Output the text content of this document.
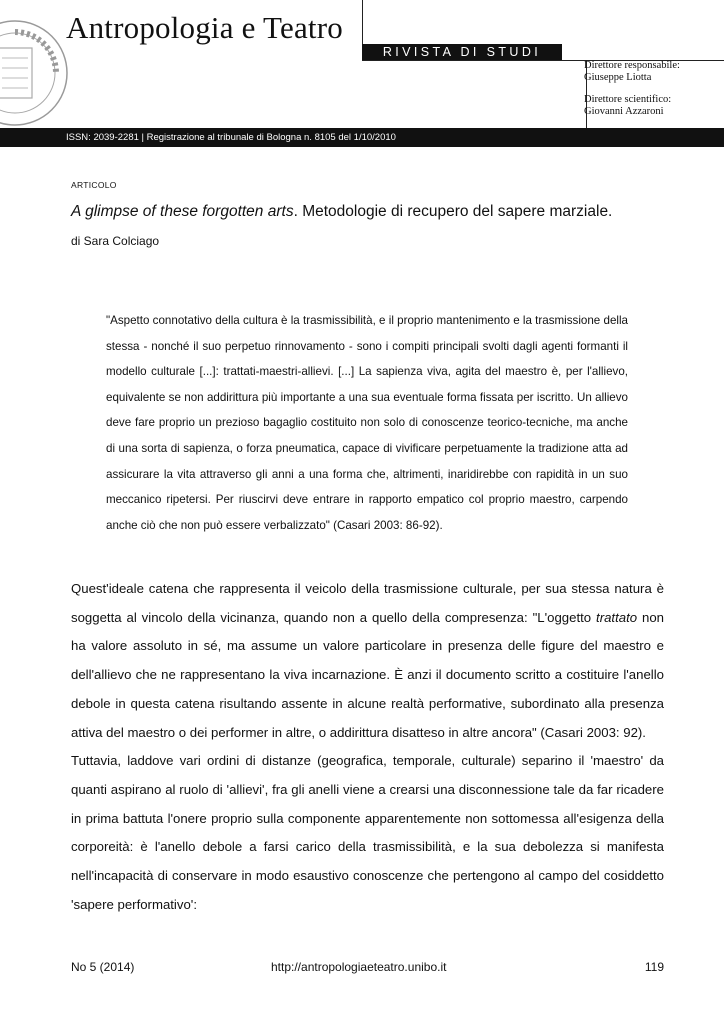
Antropologia e Teatro
RIVISTA DI STUDI
Direttore responsabile:
Giuseppe Liotta
Direttore scientifico:
Giovanni Azzaroni
ISSN: 2039-2281 | Registrazione al tribunale di Bologna n. 8105 del 1/10/2010
ARTICOLO
A glimpse of these forgotten arts. Metodologie di recupero del sapere marziale.
di Sara Colciago
"Aspetto connotativo della cultura è la trasmissibilità, e il proprio mantenimento e la trasmissione della stessa - nonché il suo perpetuo rinnovamento - sono i compiti principali svolti dagli agenti formanti il modello culturale [...]: trattati-maestri-allievi. [...] La sapienza viva, agita del maestro è, per l'allievo, equivalente se non addirittura più importante a una sua eventuale forma fissata per iscritto. Un allievo deve fare proprio un prezioso bagaglio costituito non solo di conoscenze teorico-tecniche, ma anche di una sorta di sapienza, o forza pneumatica, capace di vivificare perpetuamente la tradizione atta ad assicurare la vita attraverso gli anni a una forma che, altrimenti, inaridirebbe con rapidità in un suo meccanico ripetersi. Per riuscirvi deve entrare in rapporto empatico col proprio maestro, carpendo anche ciò che non può essere verbalizzato" (Casari 2003: 86-92).

Quest'ideale catena che rappresenta il veicolo della trasmissione culturale, per sua stessa natura è soggetta al vincolo della vicinanza, quando non a quello della compresenza: "L'oggetto trattato non ha valore assoluto in sé, ma assume un valore particolare in presenza delle figure del maestro e dell'allievo che ne rappresentano la viva incarnazione. È anzi il documento scritto a costituire l'anello debole in questa catena risultando assente in alcune realtà performative, subordinato alla presenza attiva del maestro o dei performer in altre, o addirittura disatteso in altre ancora" (Casari 2003: 92).

Tuttavia, laddove vari ordini di distanze (geografica, temporale, culturale) separino il 'maestro' da quanti aspirano al ruolo di 'allievi', fra gli anelli viene a crearsi una disconnessione tale da far ricadere in prima battuta l'onere proprio sulla componente apparentemente non sottomessa all'esigenza della corporeità: è l'anello debole a farsi carico della trasmissibilità, e la sua debolezza si manifesta nell'incapacità di conservare in modo esaustivo conoscenze che pertengono al campo del cosiddetto 'sapere performativo':

No 5 (2014)	http://antropologiaeteatro.unibo.it	119
